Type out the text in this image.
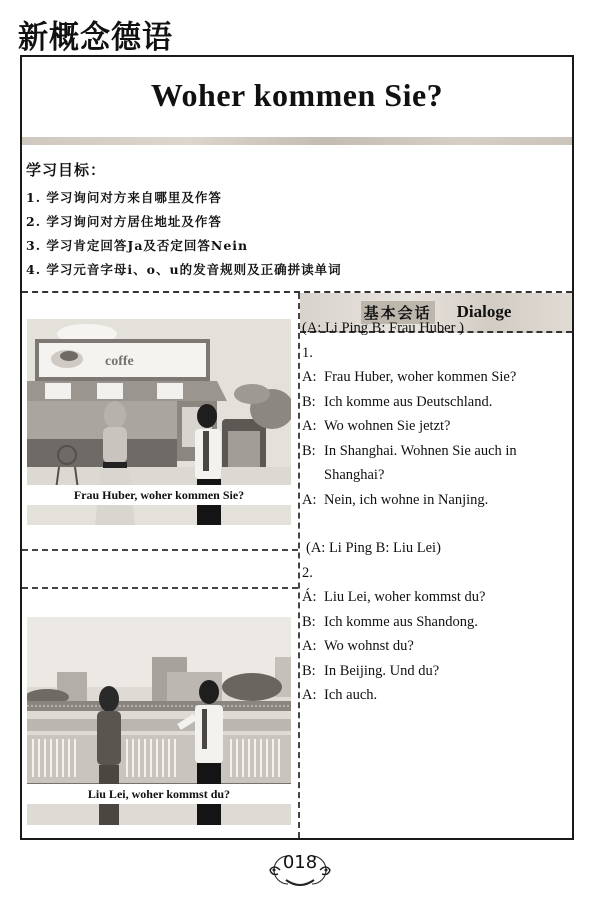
新概念德语
Woher kommen Sie?
学习目标：
1. 学习询问对方来自哪里及作答
2. 学习询问对方居住地址及作答
3. 学习肯定回答Ja及否定回答Nein
4. 学习元音字母i、o、u的发音规则及正确拼读单词
基本会话 Dialoge
coffe
Frau Huber, woher kommen Sie?
Liu Lei, woher kommst du?
(A: Li Ping B: Frau Huber )
1.
A: Frau Huber, woher kommen Sie?
B: Ich komme aus Deutschland.
A: Wo wohnen Sie jetzt?
B: In Shanghai. Wohnen Sie auch in
Shanghai?
A: Nein, ich wohne in Nanjing.
(A: Li Ping B: Liu Lei)
2.
Á: Liu Lei, woher kommst du?
B: Ich komme aus Shandong.
A: Wo wohnst du?
B: In Beijing. Und du?
A: Ich auch.
018
